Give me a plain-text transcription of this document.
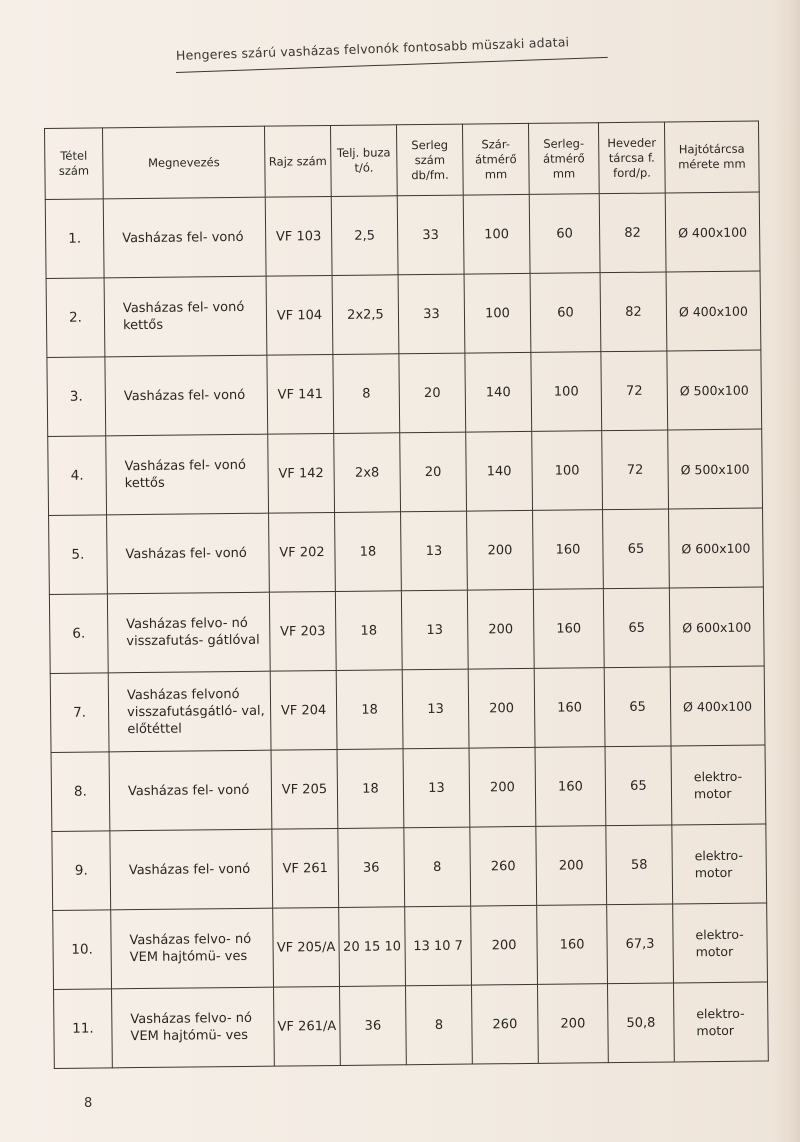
Hengeres szárú vasházas felvonók fontosabb müszaki adatai
Tétel szám	Megnevezés	Rajz szám	Telj. buza t/ó.	Serleg szám db/fm.	Szár-átmérő mm	Serleg-átmérő mm	Heveder tárcsa f. ford/p.	Hajtótárcsa mérete mm
1.	Vasházas fel- vonó	VF 103	2,5	33	100	60	82	Ø 400x100
2.	Vasházas fel- vonó kettős	VF 104	2x2,5	33	100	60	82	Ø 400x100
3.	Vasházas fel- vonó	VF 141	8	20	140	100	72	Ø 500x100
4.	Vasházas fel- vonó kettős	VF 142	2x8	20	140	100	72	Ø 500x100
5.	Vasházas fel- vonó	VF 202	18	13	200	160	65	Ø 600x100
6.	Vasházas felvo- nó visszafutás- gátlóval	VF 203	18	13	200	160	65	Ø 600x100
7.	Vasházas felvonó visszafutásgátló- val, előtéttel	VF 204	18	13	200	160	65	Ø 400x100
8.	Vasházas fel- vonó	VF 205	18	13	200	160	65	elektro- motor
9.	Vasházas fel- vonó	VF 261	36	8	260	200	58	elektro- motor
10.	Vasházas felvo- nó VEM hajtómü- ves	VF 205/A	20 15 10	13 10 7	200	160	67,3	elektro- motor
11.	Vasházas felvo- nó VEM hajtómü- ves	VF 261/A	36	8	260	200	50,8	elektro- motor
8
